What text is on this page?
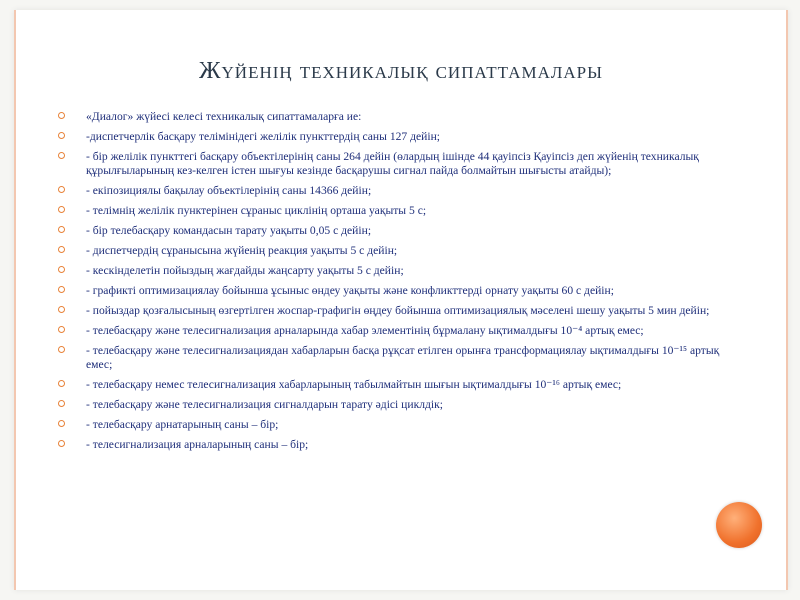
Жүйенің техникалық сипаттамалары
«Диалог» жүйесі келесі техникалық сипаттамаларға ие:
-диспетчерлік басқару телімінідегі желілік пункттердің саны 127 дейін;
- бір желілік пункттегі басқару объектілерінің саны 264 дейін (өлардың ішінде 44 қауіпсіз Қауіпсіз деп жүйенің техникалық құрылғыларының кез-келген істен шығуы кезінде басқарушы сигнал пайда болмайтын шығысты атайды);
- екіпозициялы бақылау объектілерінің саны 14366 дейін;
- телімнің желілік пунктерінен сұраныс циклінің орташа уақыты 5 с;
- бір телебасқару командасын тарату уақыты 0,05 с дейін;
- диспетчердің сұранысына жүйенің реакция уақыты 5 с дейін;
- кескінделетін пойыздың жағдайды жаңсарту уақыты 5 с дейін;
- графикті оптимизациялау бойынша ұсыныс өндеу уақыты және конфликттерді орнату уақыты 60 с дейін;
- пойыздар қозғалысының өзгертілген жоспар-графигін өңдеу бойынша оптимизациялық мәселені шешу уақыты 5 мин дейін;
- телебасқару және телесигнализация арналарында хабар элементінің бұрмалану ықтималдығы 10⁻⁴ артық емес;
- телебасқару және телесигнализациядан хабарларын басқа рұқсат етілген орынға трансформациялау ықтималдығы 10⁻¹⁵ артық емес;
- телебасқару немес телесигнализация хабарларының табылмайтын шығын ықтималдығы 10⁻¹⁶ артық емес;
- телебасқару және телесигнализация сигналдарын тарату әдісі циклдік;
- телебасқару арнатарының саны – бір;
- телесигнализация арналарының саны – бір;
